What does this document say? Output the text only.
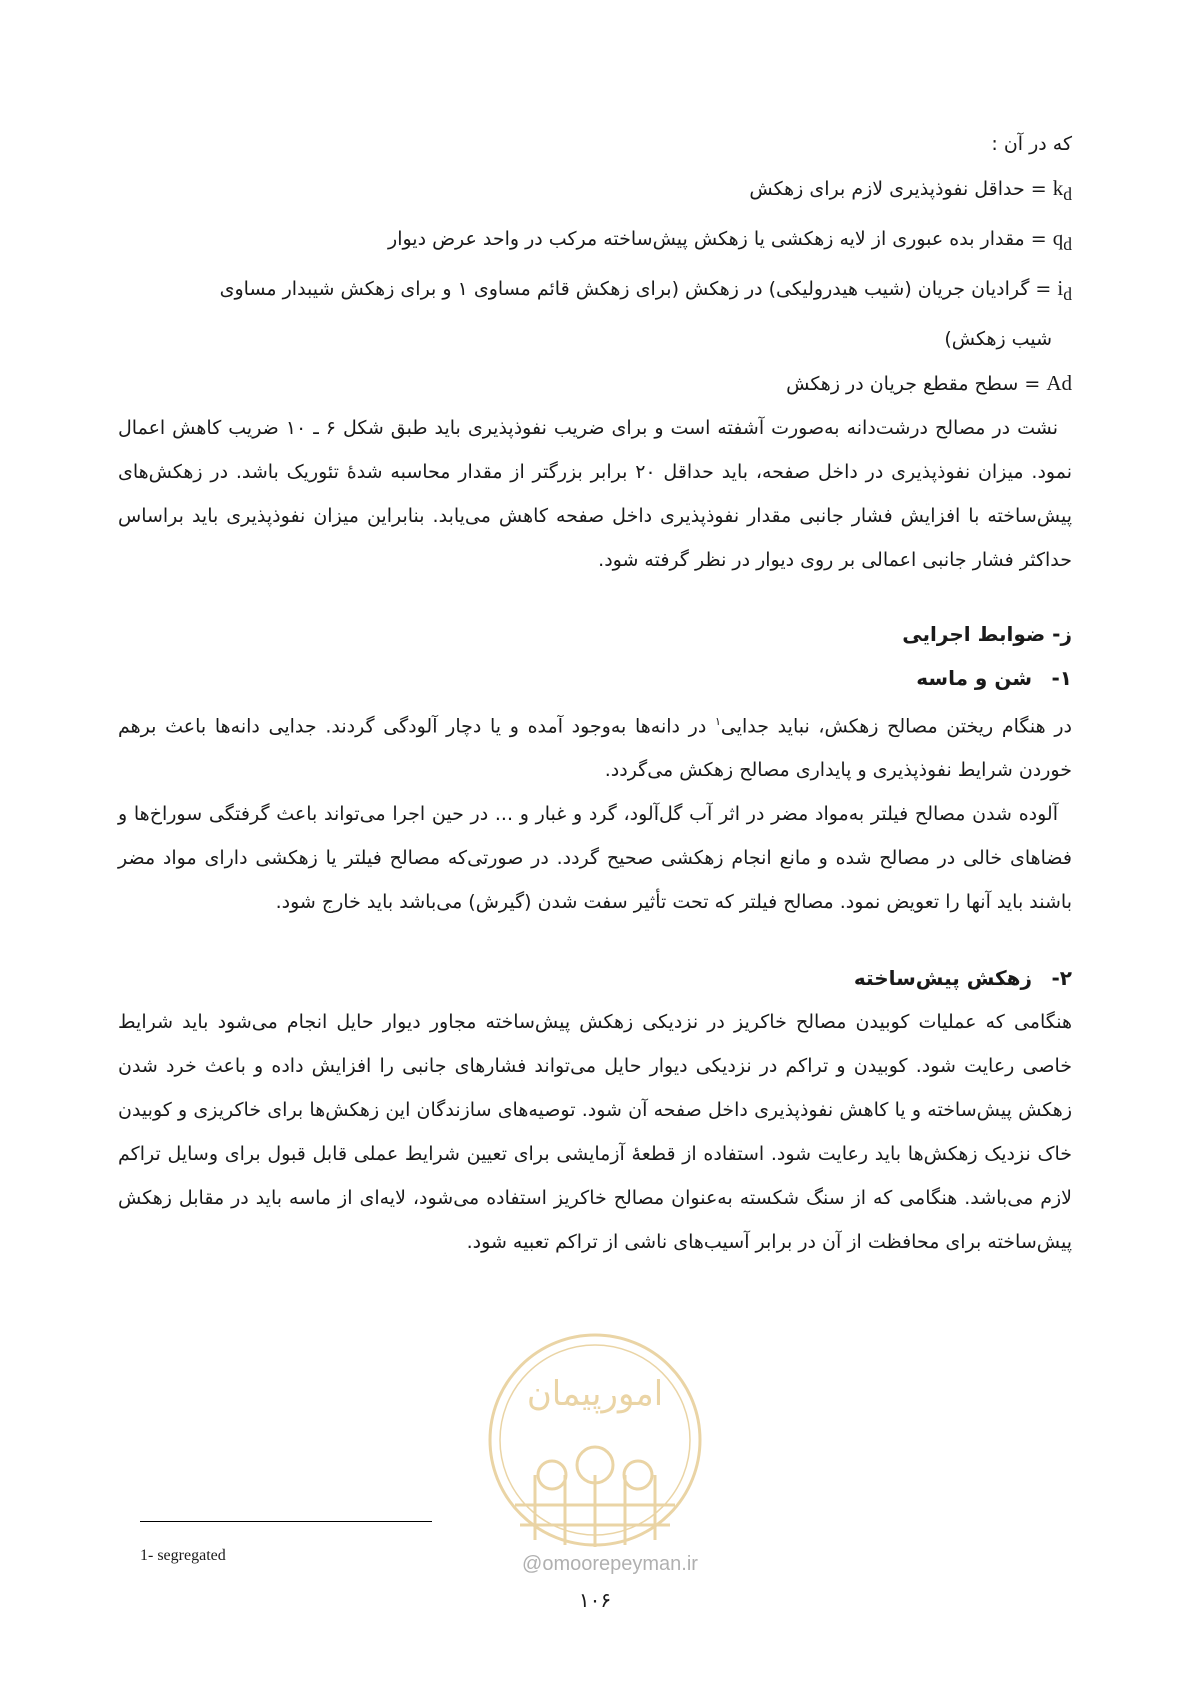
که در آن :

$k_d$ = حداقل نفوذپذیری لازم برای زهکش

$q_d$ = مقدار بده عبوری از لایه زهکشی یا زهکش پیش‌ساخته مرکب در واحد عرض دیوار

$i_d$ = گرادیان جریان (شیب هیدرولیکی) در زهکش (برای زهکش قائم مساوی ۱ و برای زهکش شیبدار مساوی

شیب زهکش)

Ad = سطح مقطع جریان در زهکش

نشت در مصالح درشت‌دانه به‌صورت آشفته است و برای ضریب نفوذپذیری باید طبق شکل ۶ ـ ۱۰ ضریب کاهش اعمال نمود. میزان نفوذپذیری در داخل صفحه، باید حداقل ۲۰ برابر بزرگتر از مقدار محاسبه شدهٔ تئوریک باشد. در زهکش‌های پیش‌ساخته با افزایش فشار جانبی مقدار نفوذپذیری داخل صفحه کاهش می‌یابد. بنابراین میزان نفوذپذیری باید براساس حداکثر فشار جانبی اعمالی بر روی دیوار در نظر گرفته شود.

ز- ضوابط اجرایی

۱-شن و ماسه

در هنگام ریختن مصالح زهکش، نباید جدایی$^۱$ در دانه‌ها به‌وجود آمده و یا دچار آلودگی گردند. جدایی دانه‌ها باعث برهم خوردن شرایط نفوذپذیری و پایداری مصالح زهکش می‌گردد.

آلوده شدن مصالح فیلتر به‌مواد مضر در اثر آب گل‌آلود، گرد و غبار و ... در حین اجرا می‌تواند باعث گرفتگی سوراخ‌ها و فضاهای خالی در مصالح شده و مانع انجام زهکشی صحیح گردد. در صورتی‌که مصالح فیلتر یا زهکشی دارای مواد مضر باشند باید آنها را تعویض نمود. مصالح فیلتر که تحت تأثیر سفت شدن (گیرش) می‌باشد باید خارج شود.

۲-زهکش پیش‌ساخته

هنگامی که عملیات کوبیدن مصالح خاکریز در نزدیکی زهکش پیش‌ساخته مجاور دیوار حایل انجام می‌شود باید شرایط خاصی رعایت شود. کوبیدن و تراکم در نزدیکی دیوار حایل می‌تواند فشارهای جانبی را افزایش داده و باعث خرد شدن زهکش پیش‌ساخته و یا کاهش نفوذپذیری داخل صفحه آن شود. توصیه‌های سازندگان این زهکش‌ها برای خاکریزی و کوبیدن خاک نزدیک زهکش‌ها باید رعایت شود. استفاده از قطعهٔ آزمایشی برای تعیین شرایط عملی قابل قبول برای وسایل تراکم لازم می‌باشد. هنگامی که از سنگ شکسته به‌عنوان مصالح خاکریز استفاده می‌شود، لایه‌ای از ماسه باید در مقابل زهکش پیش‌ساخته برای محافظت از آن در برابر آسیب‌های ناشی از تراکم تعبیه شود.

امورپیمان
@omoorepeyman.ir
1- segregated
۱۰۶
